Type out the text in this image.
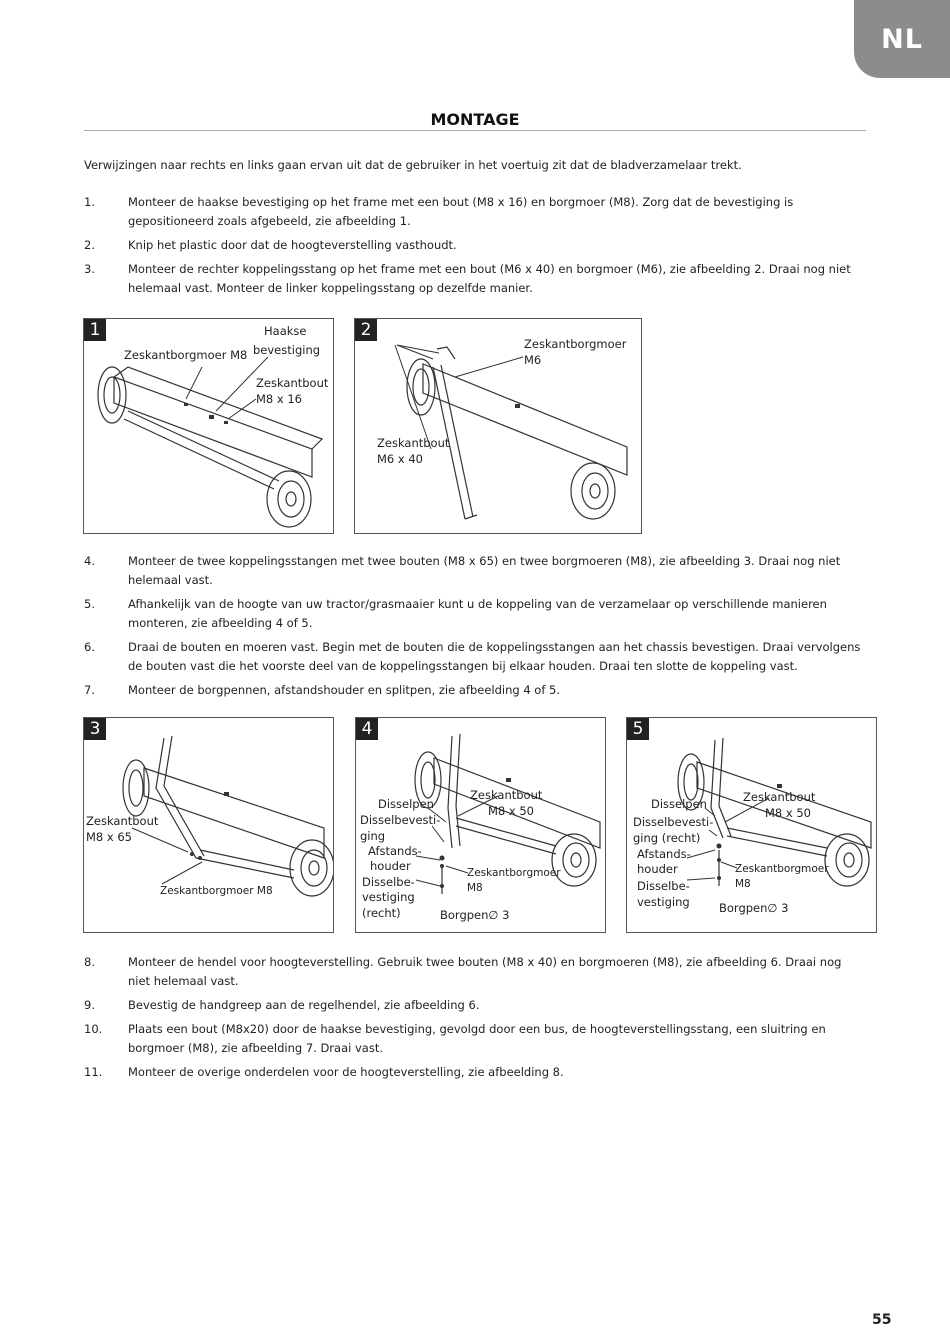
NL
MONTAGE
Verwijzingen naar rechts en links gaan ervan uit dat de gebruiker in het voertuig zit dat de bladverzamelaar trekt.
1.	Monteer de haakse bevestiging op het frame met een bout (M8 x 16) en borgmoer (M8). Zorg dat de bevestiging is gepositioneerd zoals afgebeeld, zie afbeelding 1.
2.	Knip het plastic door dat de hoogteverstelling vasthoudt.
3.	Monteer de rechter koppelingsstang op het frame met een bout (M6 x 40) en borgmoer (M6), zie afbeelding 2. Draai nog niet helemaal vast. Monteer de linker koppelingsstang op dezelfde manier.
1	Haakse
bevestiging
Zeskantborgmoer M8
Zeskantbout
M8 x 16
2
Zeskantborgmoer
M6
Zeskantbout
M6 x 40
4.	Monteer de twee koppelingsstangen met twee bouten (M8 x 65) en twee borgmoeren (M8), zie afbeelding 3. Draai nog niet helemaal vast.
5.	Afhankelijk van de hoogte van uw tractor/grasmaaier kunt u de koppeling van de verzamelaar op verschillende manieren monteren, zie afbeelding 4 of 5.
6.	Draai de bouten en moeren vast. Begin met de bouten die de koppelingsstangen aan het chassis bevestigen. Draai vervolgens de bouten vast die het voorste deel van de koppelingsstangen bij elkaar houden. Draai ten slotte de koppeling vast.
7.	Monteer de borgpennen, afstandshouder en splitpen, zie afbeelding 4 of 5.
3
Zeskantbout
M8 x 65
Zeskantborgmoer M8
4
Disselpen
Zeskantbout
M8 x 50
Disselbevesti-
ging
Afstands-
houder	Zeskantborgmoer
M8
Disselbe-
vestiging
(recht)	Borgpen∅ 3
5
Disselpen	Zeskantbout
M8 x 50
Disselbevesti-
ging (recht)
Afstands-
houder	Zeskantborgmoer
M8
Disselbe-
vestiging	Borgpen∅ 3
8.	Monteer de hendel voor hoogteverstelling. Gebruik twee bouten (M8 x 40) en borgmoeren (M8), zie afbeelding 6. Draai nog niet helemaal vast.
9.	Bevestig de handgreep aan de regelhendel, zie afbeelding 6.
10.	Plaats een bout (M8x20) door de haakse bevestiging, gevolgd door een bus, de hoogteverstellingsstang, een sluitring en borgmoer (M8), zie afbeelding 7. Draai vast.
11.	Monteer de overige onderdelen voor de hoogteverstelling, zie afbeelding 8.
55
